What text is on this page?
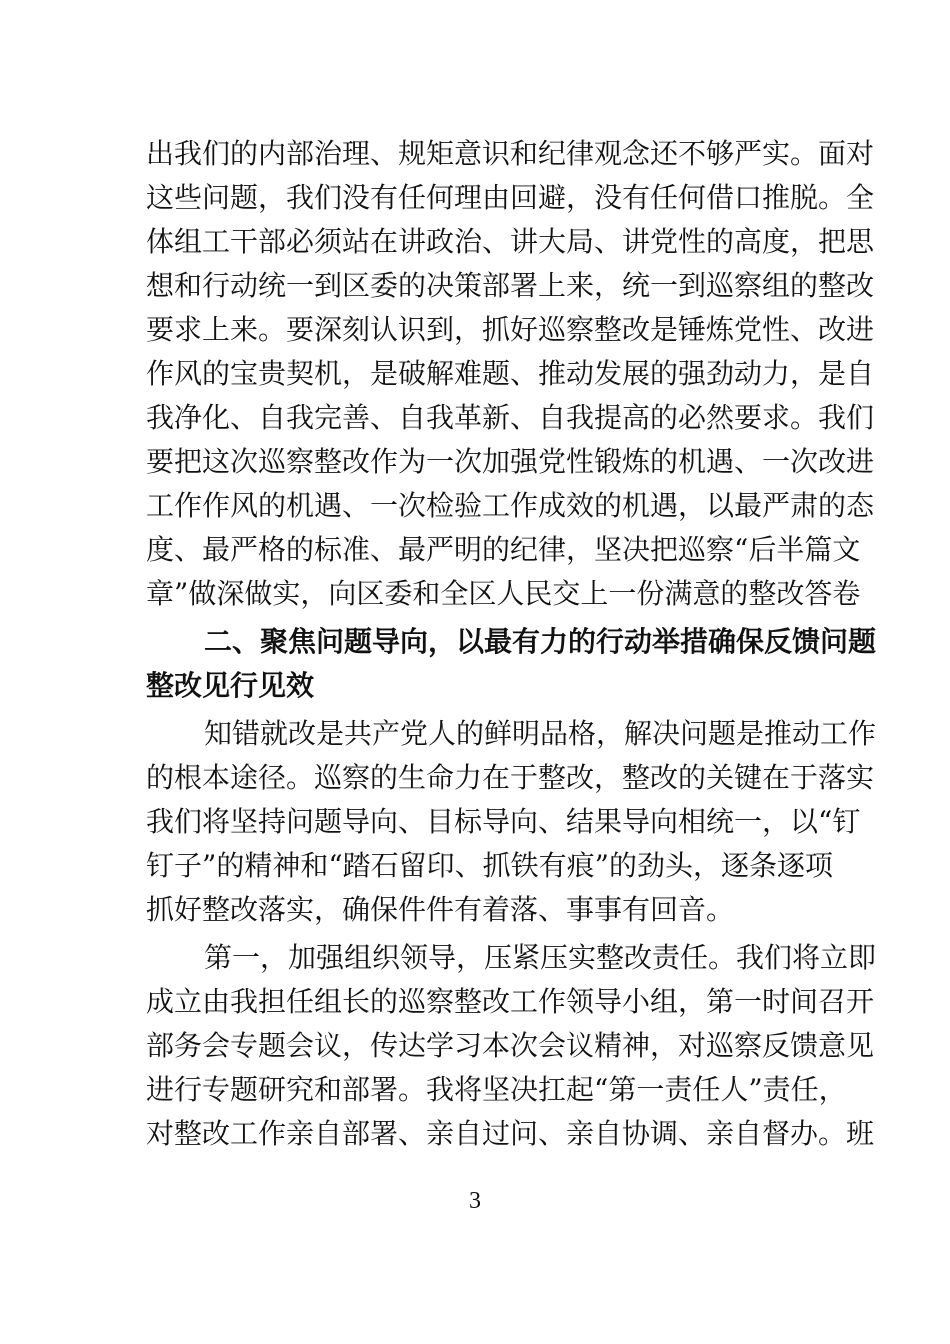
出我们的内部治理、规矩意识和纪律观念还不够严实。面对
这些问题，我们没有任何理由回避，没有任何借口推脱。全
体组工干部必须站在讲政治、讲大局、讲党性的高度，把思
想和行动统一到区委的决策部署上来，统一到巡察组的整改
要求上来。要深刻认识到，抓好巡察整改是锤炼党性、改进
作风的宝贵契机，是破解难题、推动发展的强劲动力，是自
我净化、自我完善、自我革新、自我提高的必然要求。我们
要把这次巡察整改作为一次加强党性锻炼的机遇、一次改进
工作作风的机遇、一次检验工作成效的机遇，以最严肃的态
度、最严格的标准、最严明的纪律，坚决把巡察“后半篇文
章”做深做实，向区委和全区人民交上一份满意的整改答卷
二、聚焦问题导向，以最有力的行动举措确保反馈问题
整改见行见效
知错就改是共产党人的鲜明品格，解决问题是推动工作
的根本途径。巡察的生命力在于整改，整改的关键在于落实
我们将坚持问题导向、目标导向、结果导向相统一，以“钉
钉子”的精神和“踏石留印、抓铁有痕”的劲头，逐条逐项
抓好整改落实，确保件件有着落、事事有回音。
第一，加强组织领导，压紧压实整改责任。我们将立即
成立由我担任组长的巡察整改工作领导小组，第一时间召开
部务会专题会议，传达学习本次会议精神，对巡察反馈意见
进行专题研究和部署。我将坚决扛起“第一责任人”责任，
对整改工作亲自部署、亲自过问、亲自协调、亲自督办。班
3
